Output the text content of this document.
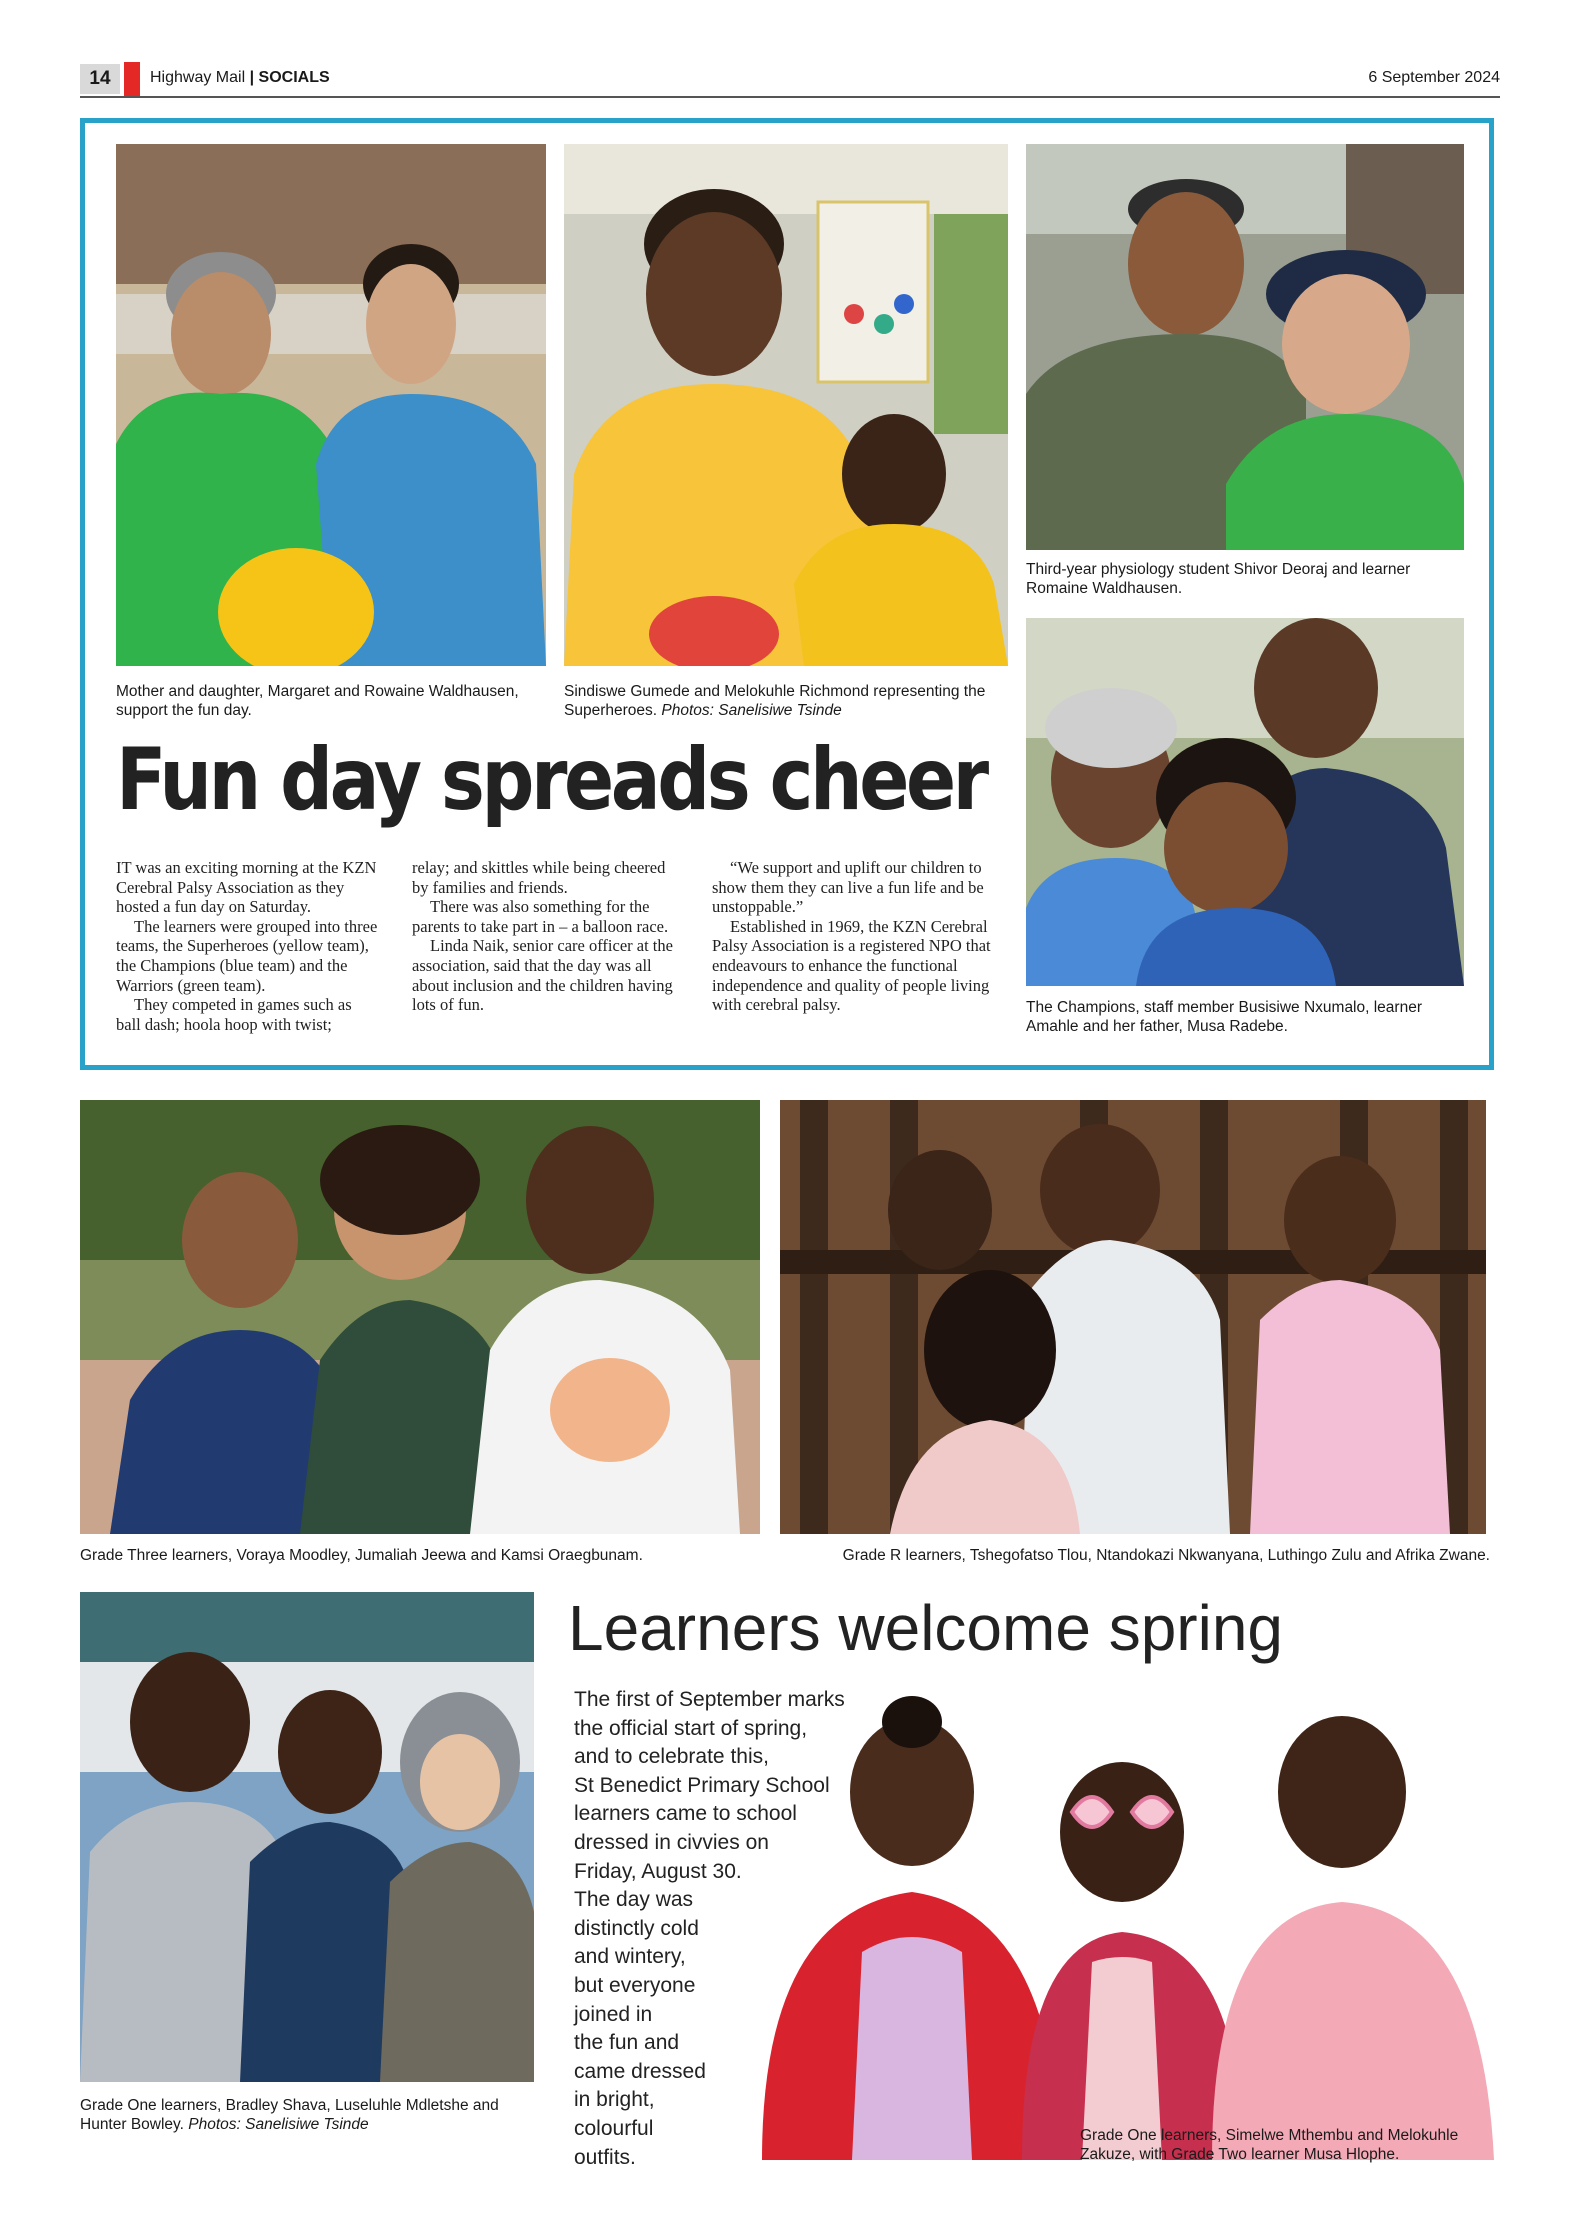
14	Highway Mail | SOCIALS	6 September 2024
Mother and daughter, Margaret and Rowaine Waldhausen, support the fun day.
Sindiswe Gumede and Melokuhle Richmond representing the Superheroes. Photos: Sanelisiwe Tsinde
Third-year physiology student Shivor Deoraj and learner Romaine Waldhausen.
The Champions, staff member Busisiwe Nxumalo, learner Amahle and her father, Musa Radebe.
Fun day spreads cheer

IT was an exciting morning at the KZN Cerebral Palsy Association as they hosted a fun day on Saturday.

The learners were grouped into three teams, the Superheroes (yellow team), the Champions (blue team) and the Warriors (green team).

They competed in games such as ball dash; hoola hoop with twist;

relay; and skittles while being cheered by families and friends.

There was also something for the parents to take part in – a balloon race.

Linda Naik, senior care officer at the association, said that the day was all about inclusion and the children having lots of fun.

“We support and uplift our children to show them they can live a fun life and be unstoppable.”

Established in 1969, the KZN Cerebral Palsy Association is a registered NPO that endeavours to enhance the functional independence and quality of people living with cerebral palsy.

Grade Three learners, Voraya Moodley, Jumaliah Jeewa and Kamsi Oraegbunam.	Grade R learners, Tshegofatso Tlou, Ntandokazi Nkwanyana, Luthingo Zulu and Afrika Zwane.
Grade One learners, Bradley Shava, Luseluhle Mdletshe and Hunter Bowley. Photos: Sanelisiwe Tsinde
Learners welcome spring
The first of September marks
the official start of spring,
and to celebrate this,
St Benedict Primary School
learners came to school
dressed in civvies on
Friday, August 30.
The day was
distinctly cold
and wintery,
but everyone
joined in
the fun and
came dressed
in bright,
colourful
outfits.
Grade One learners, Simelwe Mthembu and Melokuhle Zakuze, with Grade Two learner Musa Hlophe.
